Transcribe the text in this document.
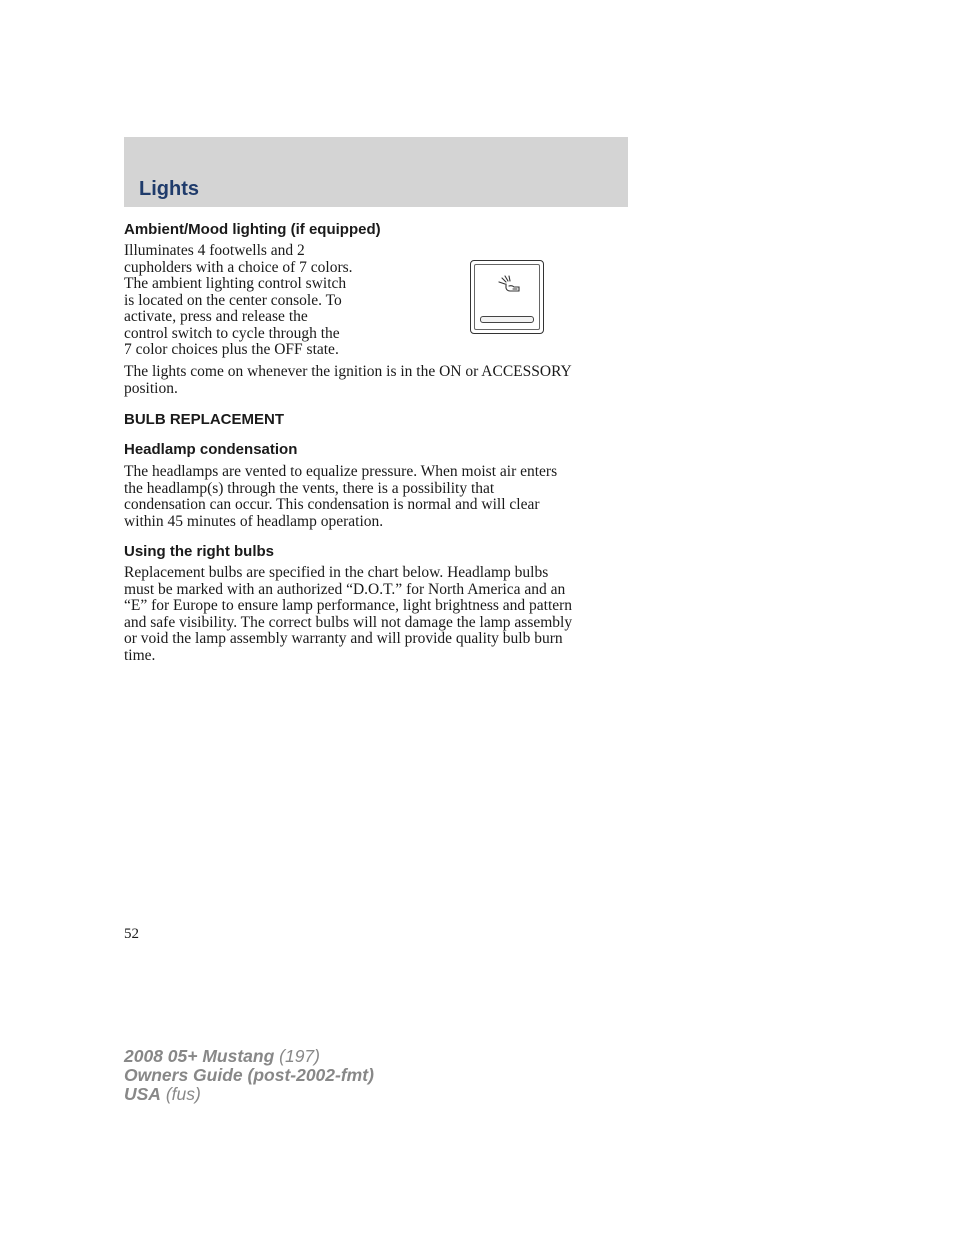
Lights
Ambient/Mood lighting (if equipped)

Illuminates 4 footwells and 2
cupholders with a choice of 7 colors.
The ambient lighting control switch
is located on the center console. To
activate, press and release the
control switch to cycle through the
7 color choices plus the OFF state.

The lights come on whenever the ignition is in the ON or ACCESSORY
position.

BULB REPLACEMENT
Headlamp condensation

The headlamps are vented to equalize pressure. When moist air enters
the headlamp(s) through the vents, there is a possibility that
condensation can occur. This condensation is normal and will clear
within 45 minutes of headlamp operation.

Using the right bulbs

Replacement bulbs are specified in the chart below. Headlamp bulbs
must be marked with an authorized “D.O.T.” for North America and an
“E” for Europe to ensure lamp performance, light brightness and pattern
and safe visibility. The correct bulbs will not damage the lamp assembly
or void the lamp assembly warranty and will provide quality bulb burn
time.

52

2008 05+ Mustang (197)
Owners Guide (post-2002-fmt)
USA (fus)
